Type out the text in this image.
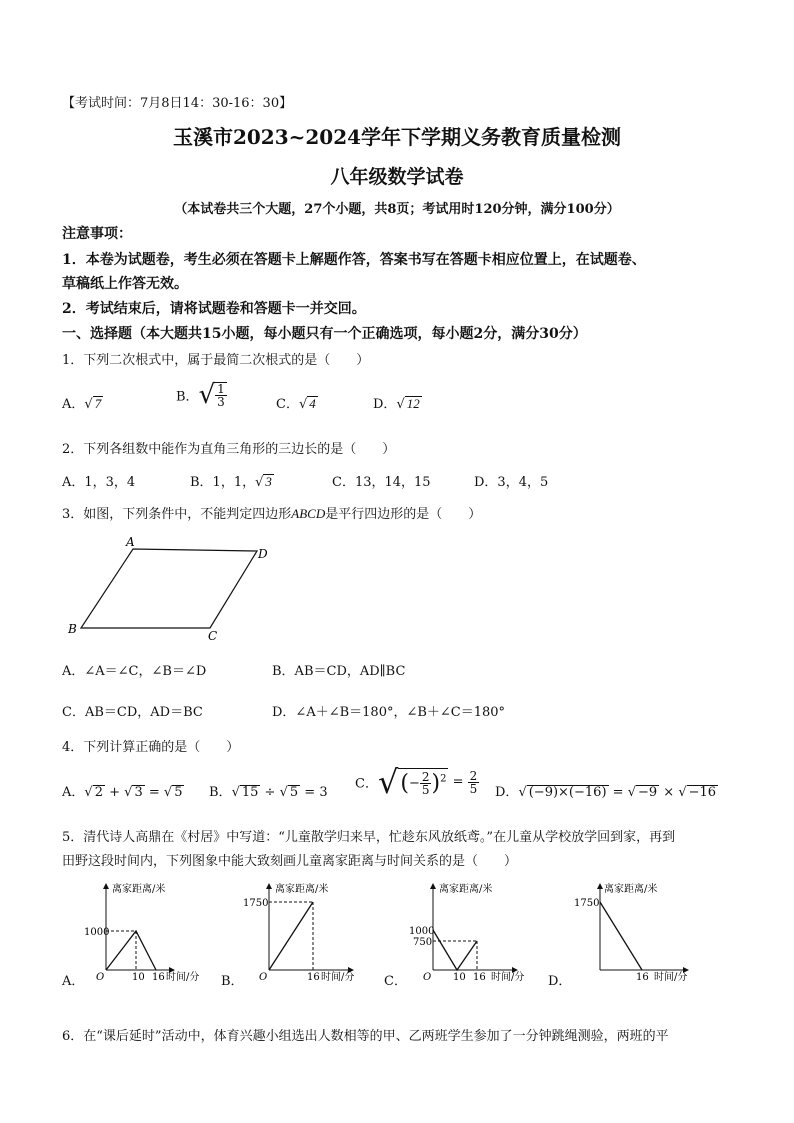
【考试时间：7月8日14：30-16：30】
玉溪市2023~2024学年下学期义务教育质量检测
八年级数学试卷
（本试卷共三个大题，27个小题，共8页；考试用时120分钟，满分100分）
注意事项：
1．本卷为试题卷，考生必须在答题卡上解题作答，答案书写在答题卡相应位置上，在试题卷、
草稿纸上作答无效。
2．考试结束后，请将试题卷和答题卡一并交回。
一、选择题（本大题共15小题，每小题只有一个正确选项，每小题2分，满分30分）
1．下列二次根式中，属于最简二次根式的是（　　）
A．√ 7	B．√ $\frac{1}{3}$	C．√ 4	D．√ 12
2．下列各组数中能作为直角三角形的三边长的是（　　）
A．1，3，4	B．1，1，√ 3	C．13，14，15	D．3，4，5
3．如图，下列条件中，不能判定四边形ABCD是平行四边形的是（　　）
A
D
B	C
A．∠A＝∠C，∠B＝∠D	B．AB＝CD，AD∥BC
C．AB＝CD，AD＝BC	D．∠A＋∠B＝180°，∠B＋∠C＝180°
4．下列计算正确的是（　　）
A．√ 2 + √ 3 = √ 5 B．√ 15 ÷ √ 5 = 3
C．√(− $\frac{2}{5} )^2 = \frac{2}{5}$ D．√ (−9)×(−16) = √ −9 × √ −16
5．清代诗人高鼎在《村居》中写道：“儿童散学归来早，忙趁东风放纸鸢。”在儿童从学校放学回到家，再到
田野这段时间内，下列图象中能大致刻画儿童离家距离与时间关系的是（　　）
A．
离家距离/米
时间/分
O
1000
10 16	B．
离家距离/米
时间/分
O
1750
16	C．
离家距离/米
时间/分
O
1000
750
10 16	D．
离家距离/米
时间/分
1750
16
6．在“课后延时”活动中，体育兴趣小组选出人数相等的甲、乙两班学生参加了一分钟跳绳测验，两班的平
